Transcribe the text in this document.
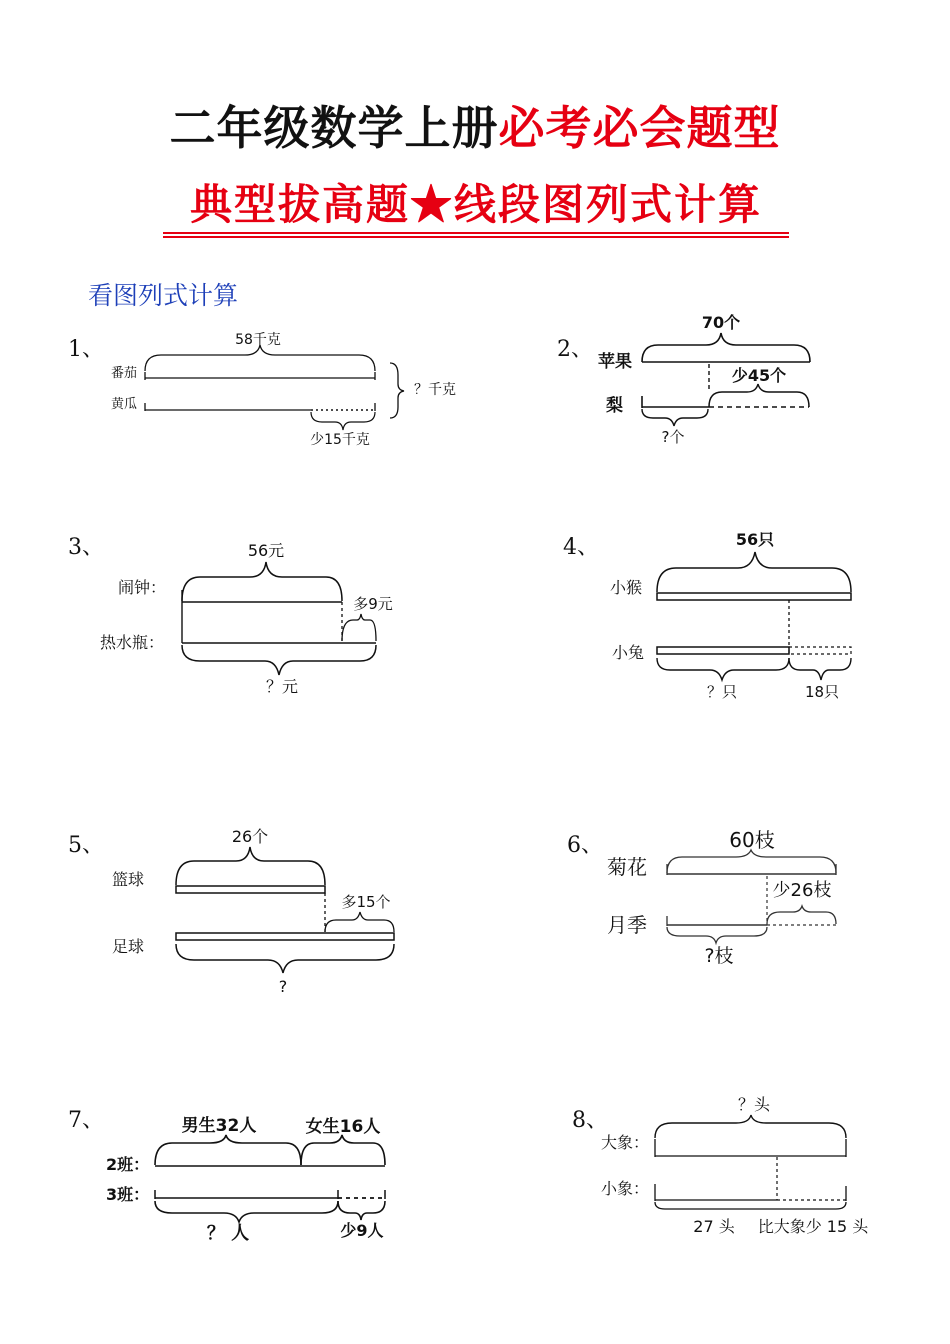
二年级数学上册必考必会题型
典型拔高题★线段图列式计算
看图列式计算
1、	58千克
番茄
黄瓜
少15千克
？千克
2、
70个
苹果
少45个
梨
?个
3、	56元
闹钟：
多9元
热水瓶：
？元
4、	56只
小猴
小兔
？只	18只
5、	26个
篮球
多15个
足球
?
6、	60枝
菊花
少26枝
月季
?枝
7、	男生32人	女生16人
2班：
3班：
？ 人	少9人
8、
？头
大象：
小象：
27 头 比大象少 15 头
